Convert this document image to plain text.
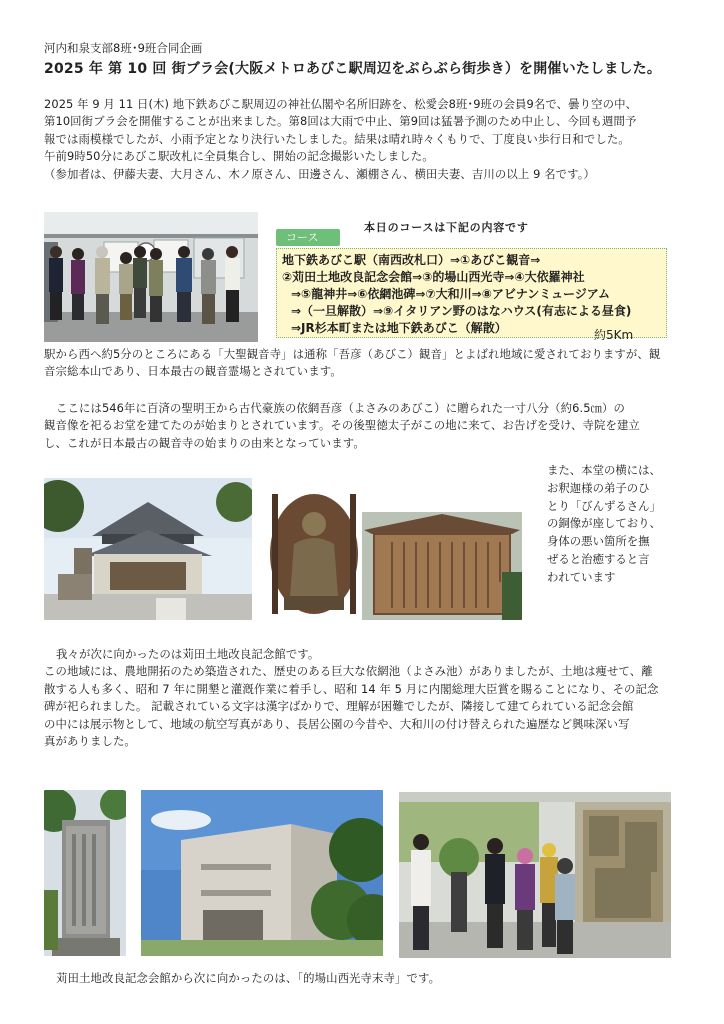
河内和泉支部8班･9班合同企画
2025 年 第 10 回 街ブラ会(大阪メトロあびこ駅周辺をぶらぶら街歩き）を開催いたしました。
2025 年 9 月 11 日(木) 地下鉄あびこ駅周辺の神社仏閣や名所旧跡を、松愛会8班･9班の会員9名で、曇り空の中、
第10回街ブラ会を開催することが出来ました。第8回は大雨で中止、第9回は猛暑予測のため中止し、今回も週間予
報では雨模様でしたが、小雨予定となり決行いたしました。結果は晴れ時々くもりで、丁度良い歩行日和でした。
午前9時50分にあびこ駅改札に全員集合し、開始の記念撮影いたしました。
（参加者は、伊藤夫妻、大月さん、木ノ原さん、田邊さん、瀬棚さん、横田夫妻、吉川の以上 9 名です。）
本日のコースは下記の内容です
コース
地下鉄あびこ駅（南西改札口）⇒①あびこ観音⇒
②苅田土地改良記念会館⇒③的場山西光寺⇒④大依羅神社
⇒⑤龍神井⇒⑥依網池碑⇒⑦大和川⇒⑧アビナンミュージアム
⇒（一旦解散）⇒⑨イタリアン野のはなハウス(有志による昼食)
⇒JR杉本町または地下鉄あびこ（解散）	約5Km
駅から西へ約5分のところにある「大聖観音寺」は通称「吾彦（あびこ）観音」とよばれ地域に愛されておりますが、観
音宗総本山であり、日本最古の観音霊場とされています。
ここには546年に百済の聖明王から古代豪族の依網吾彦（よさみのあびこ）に贈られた一寸八分（約6.5㎝）の
観音像を祀るお堂を建てたのが始まりとされています。その後聖徳太子がこの地に来て、お告げを受け、寺院を建立
し、これが日本最古の観音寺の始まりの由来となっています。
また、本堂の横には、
お釈迦様の弟子のひ
とり「びんずるさん」
の銅像が座しており、
身体の悪い箇所を撫
ぜると治癒すると言
われています
我々が次に向かったのは苅田土地改良記念館です。
この地域には、農地開拓のため築造された、歴史のある巨大な依網池（よさみ池）がありましたが、土地は痩せて、離
散する人も多く、昭和 7 年に開墾と灌漑作業に着手し、昭和 14 年 5 月に内閣総理大臣賞を賜ることになり、その記念
碑が祀られました。 記載されている文字は漢字ばかりで、理解が困難でしたが、隣接して建てられている記念会館
の中には展示物として、地域の航空写真があり、長居公園の今昔や、大和川の付け替えられた遍歴など興味深い写
真がありました。
苅田土地改良記念会館から次に向かったのは、「的場山西光寺末寺」です。
